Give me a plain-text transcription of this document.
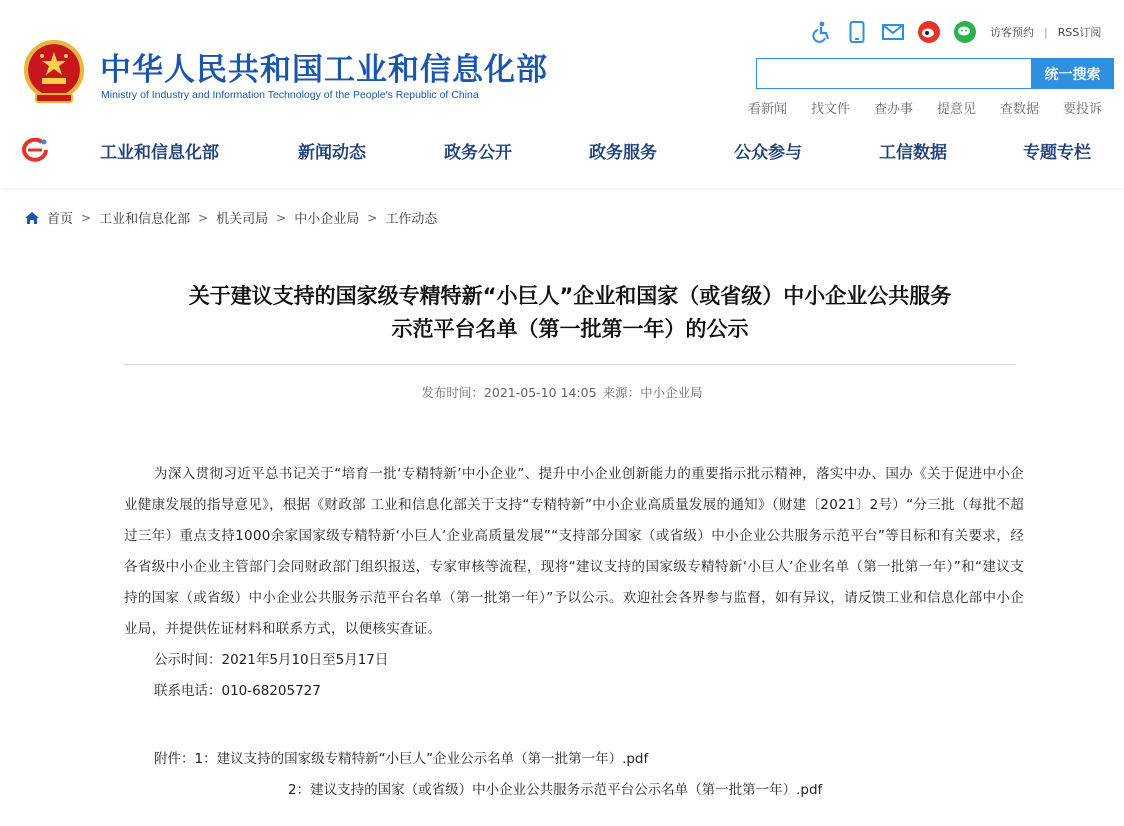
中华人民共和国工业和信息化部
Ministry of Industry and Information Technology of the People's Republic of China
访客预约 | RSS订阅
统一搜索
看新闻	找文件	查办事	提意见	查数据	要投诉
工业和信息化部	新闻动态	政务公开	政务服务	公众参与	工信数据	专题专栏
首页 > 工业和信息化部 > 机关司局 > 中小企业局 > 工作动态
关于建议支持的国家级专精特新“小巨人”企业和国家（或省级）中小企业公共服务
示范平台名单（第一批第一年）的公示
发布时间：2021-05-10 14:05 来源：中小企业局

为深入贯彻习近平总书记关于“培育一批‘专精特新’中小企业”、提升中小企业创新能力的重要指示批示精神，落实中办、国办《关于促进中小企业健康发展的指导意见》，根据《财政部 工业和信息化部关于支持“专精特新”中小企业高质量发展的通知》（财建〔2021〕2号）“分三批（每批不超过三年）重点支持1000余家国家级专精特新‘小巨人’企业高质量发展”“支持部分国家（或省级）中小企业公共服务示范平台”等目标和有关要求，经各省级中小企业主管部门会同财政部门组织报送，专家审核等流程，现将“建议支持的国家级专精特新‘小巨人’企业名单（第一批第一年）”和“建议支持的国家（或省级）中小企业公共服务示范平台名单（第一批第一年）”予以公示。欢迎社会各界参与监督，如有异议，请反馈工业和信息化部中小企业局，并提供佐证材料和联系方式，以便核实查证。

公示时间：2021年5月10日至5月17日
联系电话：010-68205727
附件：1：建议支持的国家级专精特新“小巨人”企业公示名单（第一批第一年）.pdf
2：建议支持的国家（或省级）中小企业公共服务示范平台公示名单（第一批第一年）.pdf
